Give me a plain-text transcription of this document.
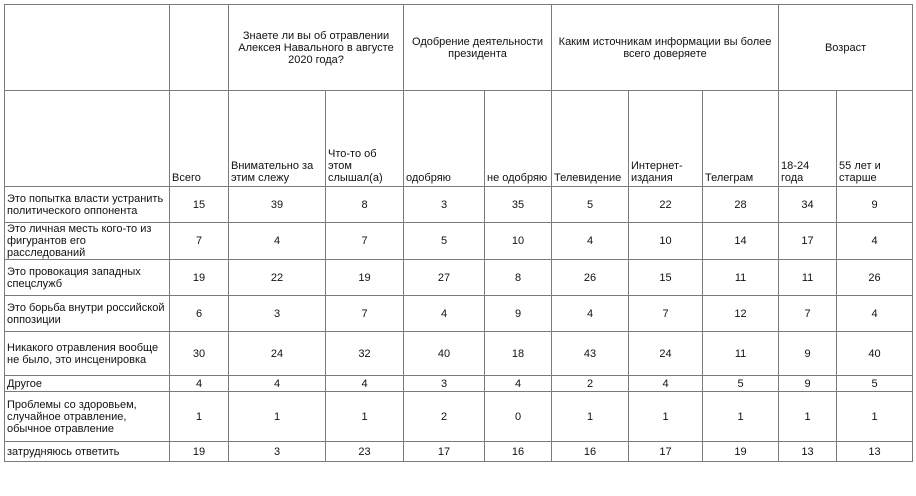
		Знаете ли вы об отравлении Алексея Навального в августе 2020 года?		Одобрение деятельности президента		Каким источникам информации вы более всего доверяете			Возраст	
	Всего	Внимательно за этим слежу	Что-то об этом слышал(а)	одобряю	не одобряю	Телевидение	Интернет-издания	Телеграм	18-24 года	55 лет и старше
Это попытка власти устранить политического оппонента	15	39	8	3	35	5	22	28	34	9
Это личная месть кого-то из фигурантов его расследований	7	4	7	5	10	4	10	14	17	4
Это провокация западных спецслужб	19	22	19	27	8	26	15	11	11	26
Это борьба внутри российской оппозиции	6	3	7	4	9	4	7	12	7	4
Никакого отравления вообще не было, это инсценировка	30	24	32	40	18	43	24	11	9	40
Другое	4	4	4	3	4	2	4	5	9	5
Проблемы со здоровьем, случайное отравление, обычное отравление	1	1	1	2	0	1	1	1	1	1
затрудняюсь ответить	19	3	23	17	16	16	17	19	13	13
